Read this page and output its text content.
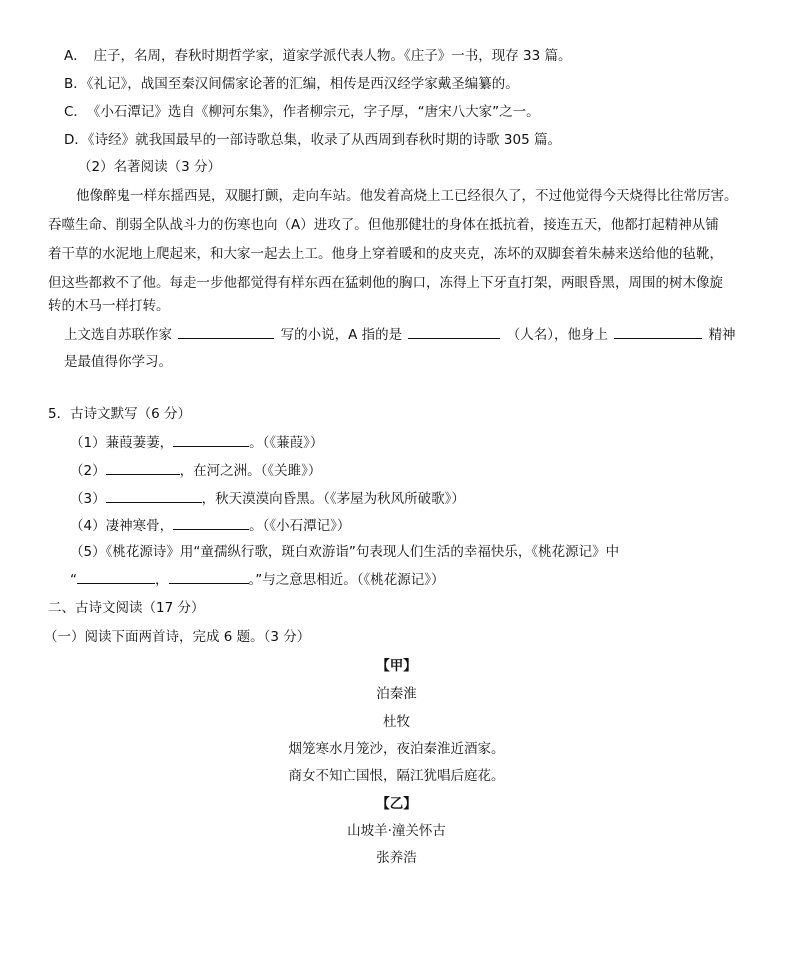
A．　庄子，名周，春秋时期哲学家，道家学派代表人物。《庄子》一书，现存 33 篇。
B．《礼记》，战国至秦汉间儒家论著的汇编，相传是西汉经学家戴圣编纂的。
C．　《小石潭记》选自《柳河东集》，作者柳宗元，字子厚，“唐宋八大家”之一。
D．《诗经》就我国最早的一部诗歌总集，收录了从西周到春秋时期的诗歌 305 篇。
（2）名著阅读（3 分）
他像醉鬼一样东摇西晃，双腿打颤，走向车站。他发着高烧上工已经很久了，不过他觉得今天烧得比往常厉害。
吞噬生命、削弱全队战斗力的伤寒也向（A）进攻了。但他那健壮的身体在抵抗着，接连五天，他都打起精神从铺
着干草的水泥地上爬起来，和大家一起去上工。他身上穿着暖和的皮夹克，冻坏的双脚套着朱赫来送给他的毡靴，
但这些都救不了他。每走一步他都觉得有样东西在猛刺他的胸口，冻得上下牙直打架，两眼昏黑，周围的树木像旋
转的木马一样打转。
上文选自苏联作家	写的小说，A 指的是	（人名），他身上	精神
是最值得你学习。
5．古诗文默写（6 分）
（1）蒹葭萋萋，	。（《蒹葭》）
（2）	，在河之洲。（《关雎》）
（3）	，秋天漠漠向昏黑。（《茅屋为秋风所破歌》）
（4）凄神寒骨，	。（《小石潭记》）
（5）《桃花源诗》用“童孺纵行歌，斑白欢游诣”句表现人们生活的幸福快乐，《桃花源记》中
“	，	。”与之意思相近。（《桃花源记》）
二、古诗文阅读（17 分）
（一）阅读下面两首诗，完成 6 题。（3 分）
【甲】
泊秦淮
杜牧
烟笼寒水月笼沙，夜泊秦淮近酒家。
商女不知亡国恨，隔江犹唱后庭花。
【乙】
山坡羊·潼关怀古
张养浩
